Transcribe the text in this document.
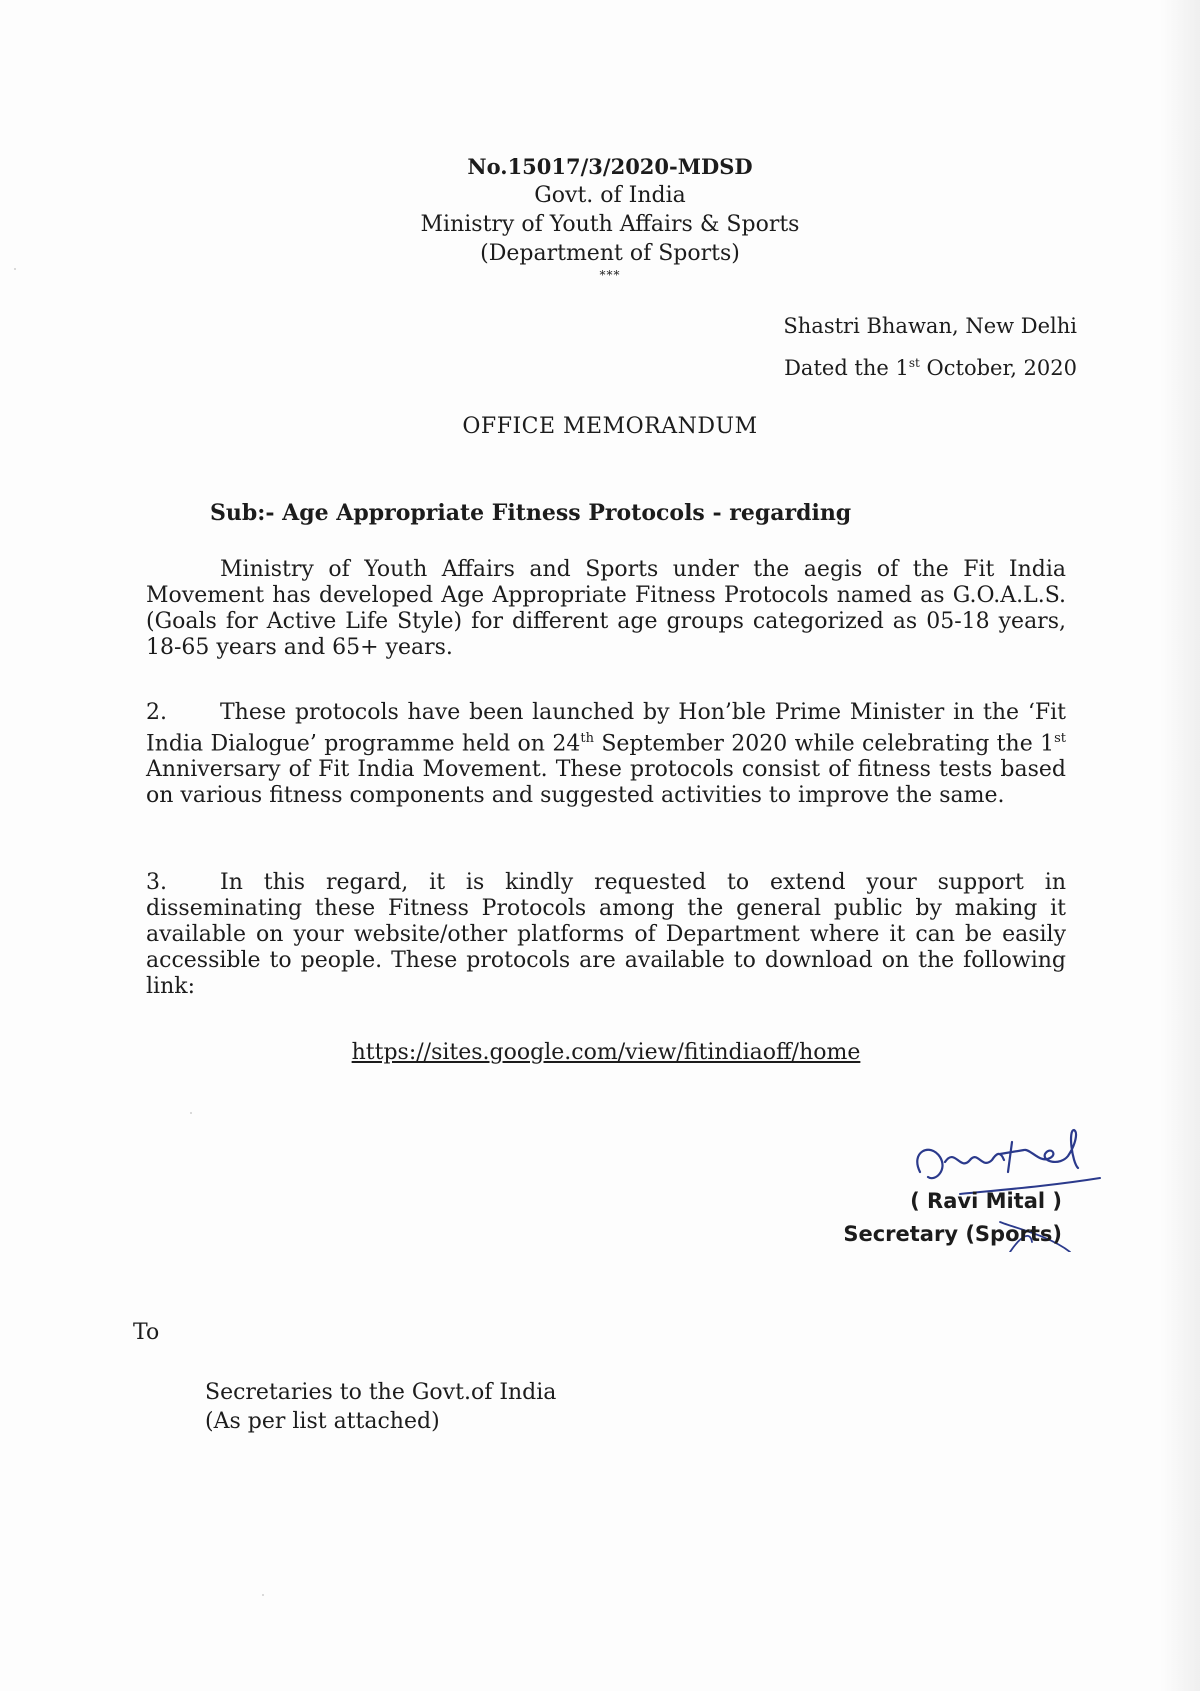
No.15017/3/2020-MDSD
Govt. of India
Ministry of Youth Affairs & Sports
(Department of Sports)
***
Shastri Bhawan, New Delhi
Dated the 1st October, 2020
OFFICE MEMORANDUM
Sub:- Age Appropriate Fitness Protocols - regarding
Ministry of Youth Affairs and Sports under the aegis of the Fit India Movement has developed Age Appropriate Fitness Protocols named as G.O.A.L.S. (Goals for Active Life Style) for different age groups categorized as 05-18 years, 18-65 years and 65+ years.
2. These protocols have been launched by Hon’ble Prime Minister in the ‘Fit India Dialogue’ programme held on 24th September 2020 while celebrating the 1st Anniversary of Fit India Movement. These protocols consist of fitness tests based on various fitness components and suggested activities to improve the same.
3. In this regard, it is kindly requested to extend your support in disseminating these Fitness Protocols among the general public by making it available on your website/other platforms of Department where it can be easily accessible to people. These protocols are available to download on the following link:
https://sites.google.com/view/fitindiaoff/home
( Ravi Mital )
Secretary (Sports)
To
Secretaries to the Govt.of India
(As per list attached)
